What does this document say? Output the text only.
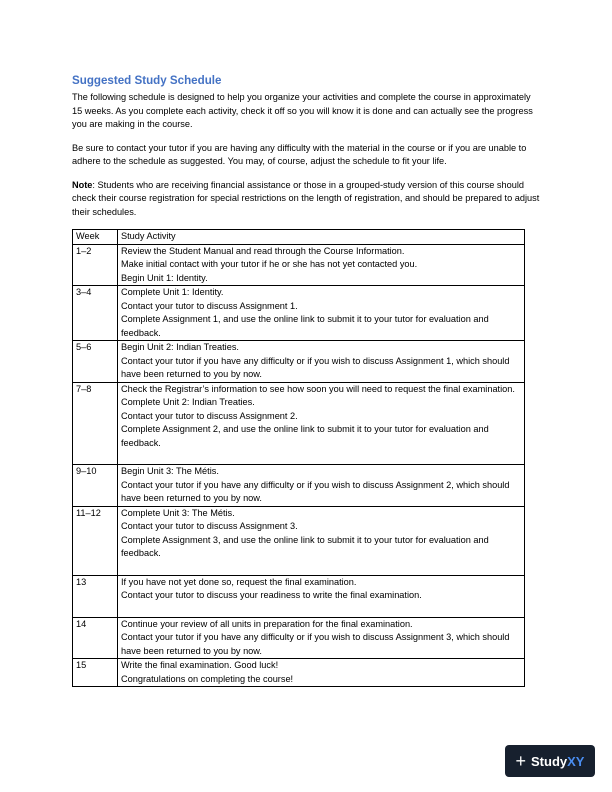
Suggested Study Schedule

The following schedule is designed to help you organize your activities and complete the course in approximately 15 weeks. As you complete each activity, check it off so you will know it is done and can actually see the progress you are making in the course.

Be sure to contact your tutor if you are having any difficulty with the material in the course or if you are unable to adhere to the schedule as suggested. You may, of course, adjust the schedule to fit your life.

Note: Students who are receiving financial assistance or those in a grouped-study version of this course should check their course registration for special restrictions on the length of registration, and should be prepared to adjust their schedules.

Week	Study Activity
1–2	Review the Student Manual and read through the Course Information.
Make initial contact with your tutor if he or she has not yet contacted you.
Begin Unit 1: Identity.

3–4	Complete Unit 1: Identity.
Contact your tutor to discuss Assignment 1.
Complete Assignment 1, and use the online link to submit it to your tutor for evaluation and feedback.

5–6	Begin Unit 2: Indian Treaties.
Contact your tutor if you have any difficulty or if you wish to discuss Assignment 1, which should have been returned to you by now.

7–8	Check the Registrar’s information to see how soon you will need to request the final examination.
Complete Unit 2: Indian Treaties.
Contact your tutor to discuss Assignment 2.
Complete Assignment 2, and use the online link to submit it to your tutor for evaluation and feedback.

9–10	Begin Unit 3: The Métis.
Contact your tutor if you have any difficulty or if you wish to discuss Assignment 2, which should have been returned to you by now.

11–12	Complete Unit 3: The Métis.
Contact your tutor to discuss Assignment 3.
Complete Assignment 3, and use the online link to submit it to your tutor for evaluation and feedback.

13	If you have not yet done so, request the final examination.
Contact your tutor to discuss your readiness to write the final examination.

14	Continue your review of all units in preparation for the final examination.
Contact your tutor if you have any difficulty or if you wish to discuss Assignment 3, which should have been returned to you by now.

15	Write the final examination. Good luck!
Congratulations on completing the course!
+ StudyXY
